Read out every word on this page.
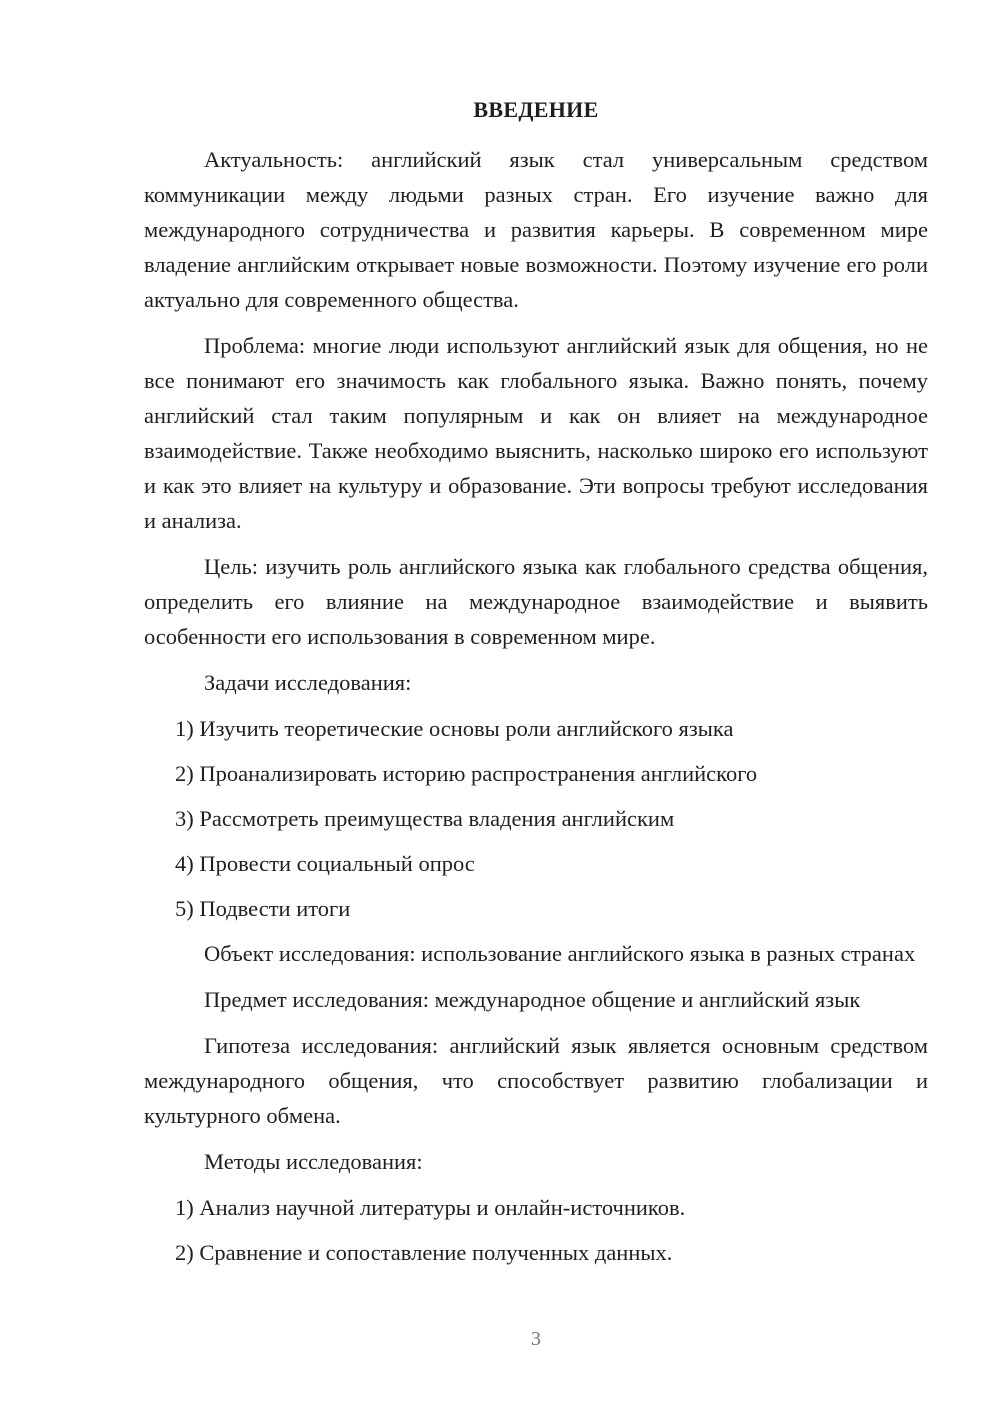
ВВЕДЕНИЕ

Актуальность: английский язык стал универсальным средством коммуникации между людьми разных стран. Его изучение важно для международного сотрудничества и развития карьеры. В современном мире владение английским открывает новые возможности. Поэтому изучение его роли актуально для современного общества.

Проблема: многие люди используют английский язык для общения, но не все понимают его значимость как глобального языка. Важно понять, почему английский стал таким популярным и как он влияет на международное взаимодействие. Также необходимо выяснить, насколько широко его используют и как это влияет на культуру и образование. Эти вопросы требуют исследования и анализа.

Цель: изучить роль английского языка как глобального средства общения, определить его влияние на международное взаимодействие и выявить особенности его использования в современном мире.

Задачи исследования:

1) Изучить теоретические основы роли английского языка

2) Проанализировать историю распространения английского

3) Рассмотреть преимущества владения английским

4) Провести социальный опрос

5) Подвести итоги

Объект исследования: использование английского языка в разных странах

Предмет исследования: международное общение и английский язык

Гипотеза исследования: английский язык является основным средством международного общения, что способствует развитию глобализации и культурного обмена.

Методы исследования:

1) Анализ научной литературы и онлайн-источников.

2) Сравнение и сопоставление полученных данных.

3
